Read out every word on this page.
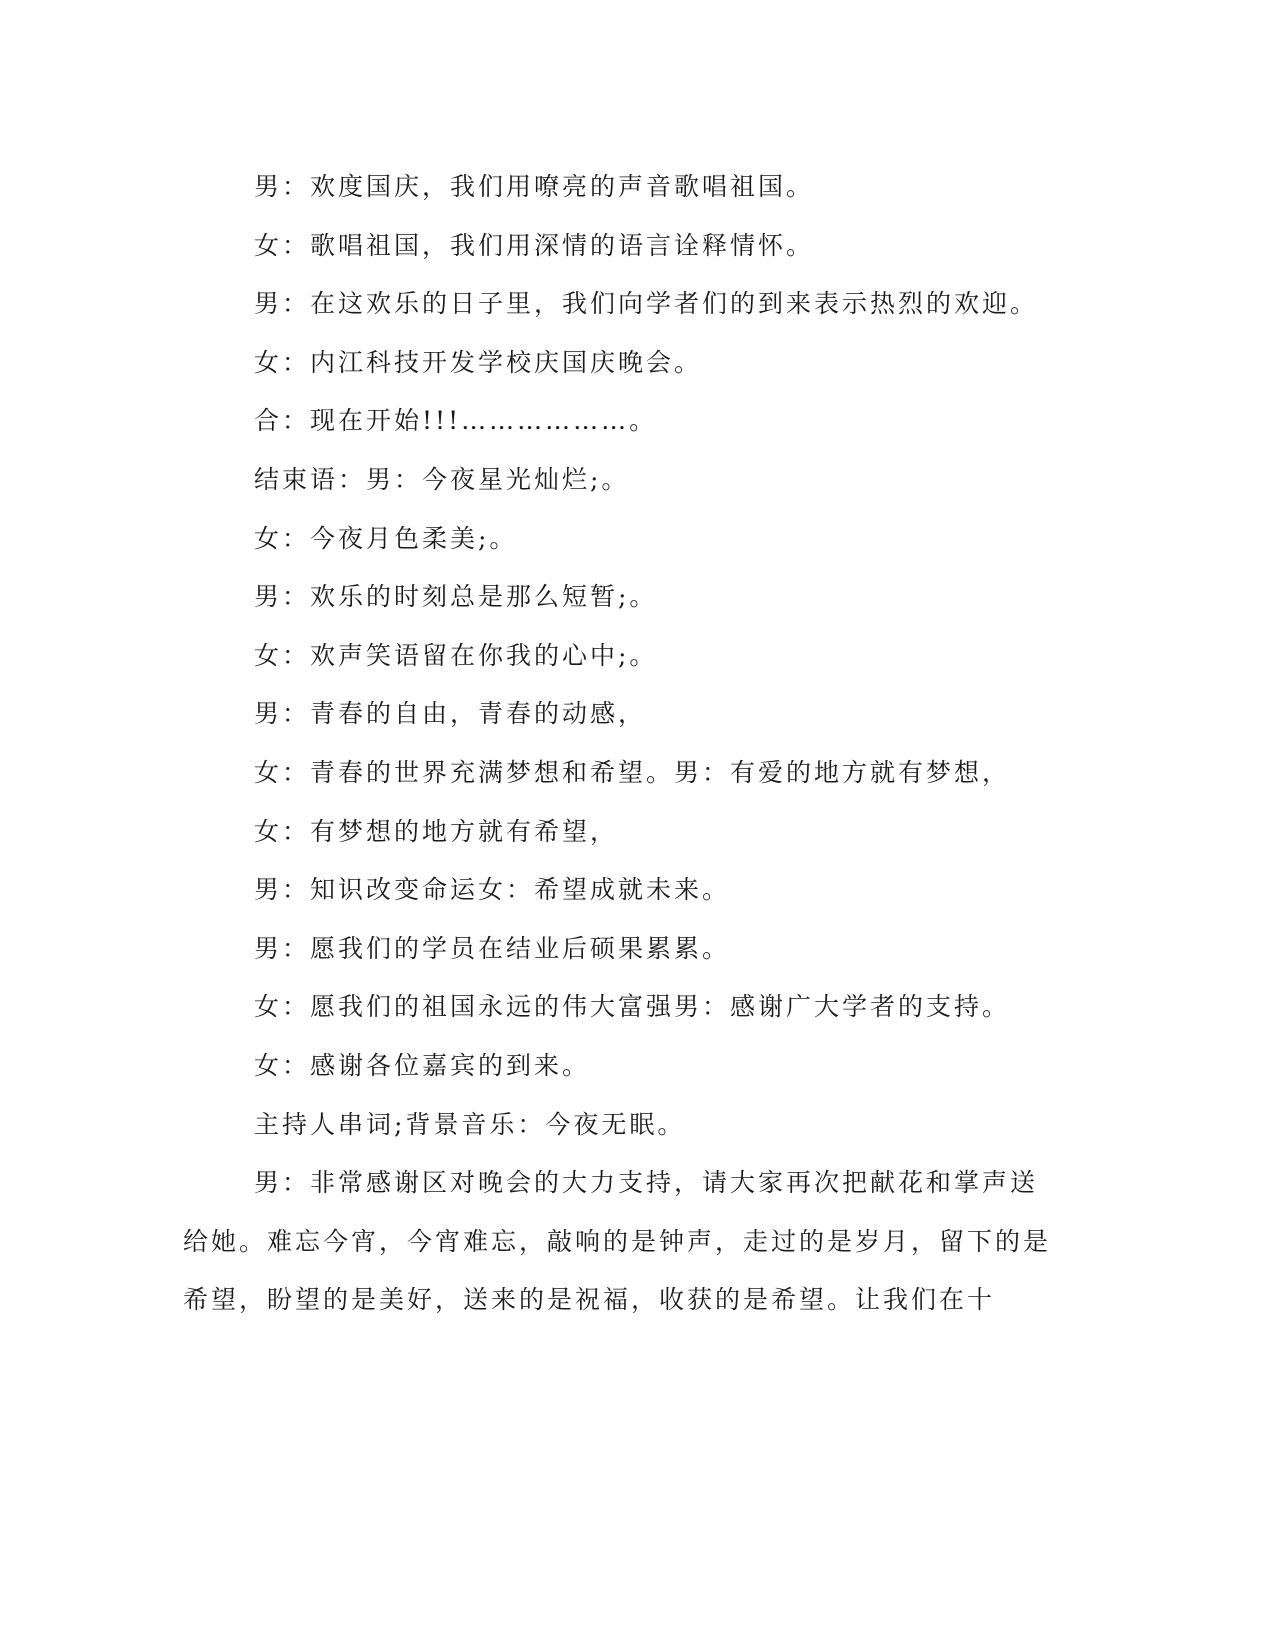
男：欢度国庆，我们用嘹亮的声音歌唱祖国。
女：歌唱祖国，我们用深情的语言诠释情怀。
男：在这欢乐的日子里，我们向学者们的到来表示热烈的欢迎。
女：内江科技开发学校庆国庆晚会。
合：现在开始!!!………………。
结束语：男：今夜星光灿烂;。
女：今夜月色柔美;。
男：欢乐的时刻总是那么短暂;。
女：欢声笑语留在你我的心中;。
男：青春的自由，青春的动感，
女：青春的世界充满梦想和希望。男：有爱的地方就有梦想，
女：有梦想的地方就有希望，
男：知识改变命运女：希望成就未来。
男：愿我们的学员在结业后硕果累累。
女：愿我们的祖国永远的伟大富强男：感谢广大学者的支持。
女：感谢各位嘉宾的到来。
主持人串词;背景音乐：今夜无眠。

男：非常感谢区对晚会的大力支持，请大家再次把献花和掌声送给她。难忘今宵，今宵难忘，敲响的是钟声，走过的是岁月，留下的是希望，盼望的是美好，送来的是祝福，收获的是希望。让我们在十
